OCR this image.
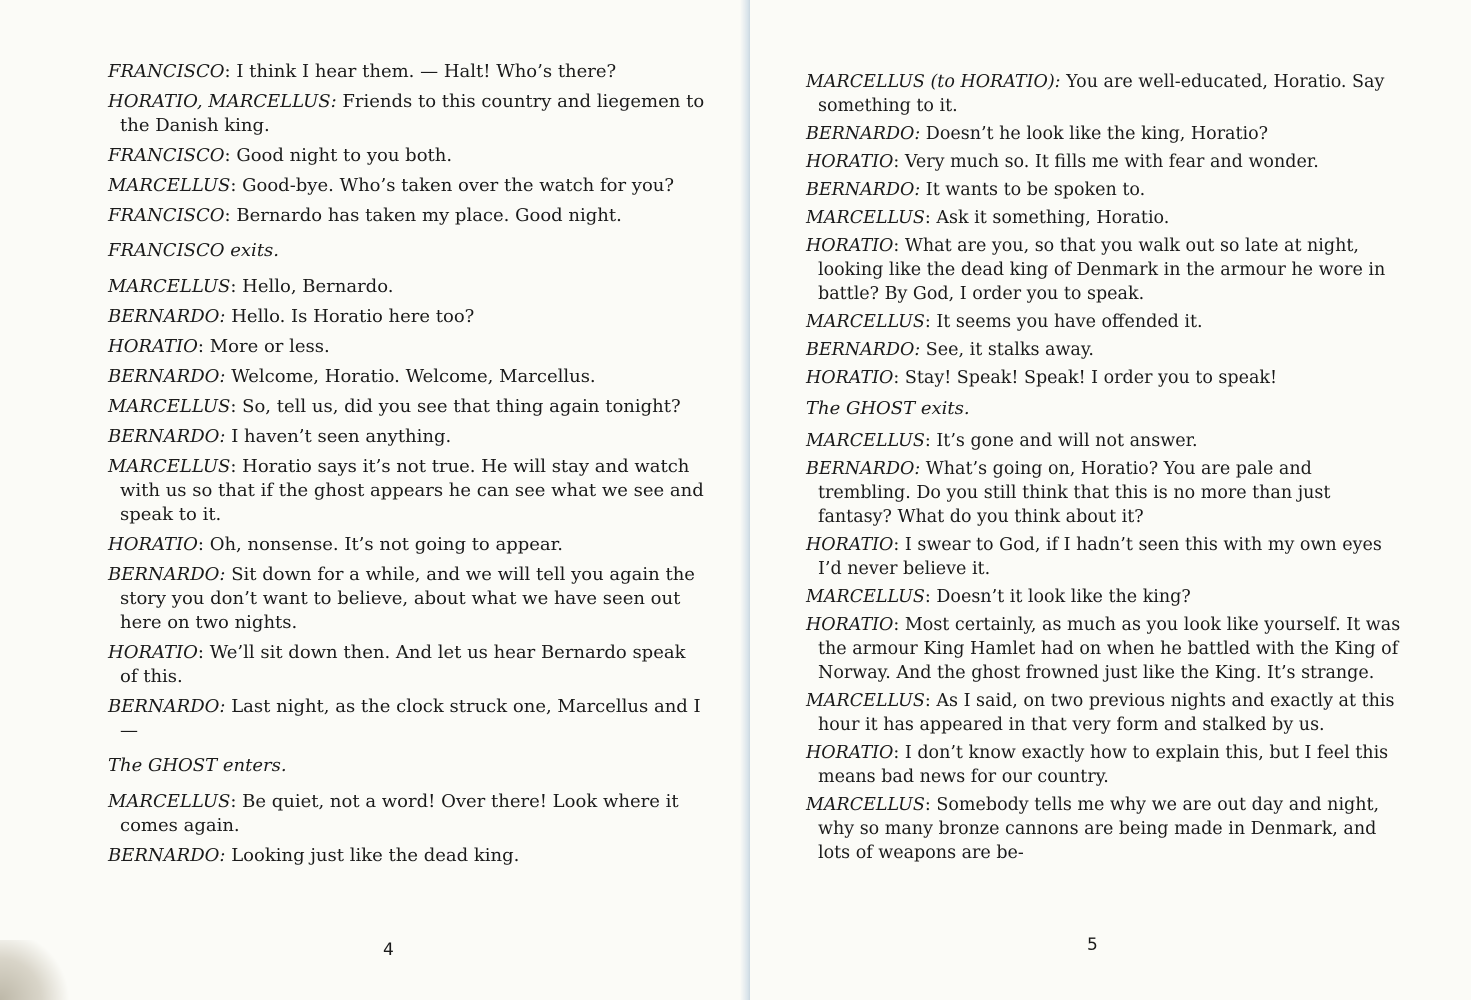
FRANCISCO: I think I hear them. — Halt! Who’s there?

HORATIO, MARCELLUS: Friends to this country and liegemen to the Danish king.

FRANCISCO: Good night to you both.

MARCELLUS: Good-bye. Who’s taken over the watch for you?

FRANCISCO: Bernardo has taken my place. Good night.

FRANCISCO exits.

MARCELLUS: Hello, Bernardo.

BERNARDO: Hello. Is Horatio here too?

HORATIO: More or less.

BERNARDO: Welcome, Horatio. Welcome, Marcellus.

MARCELLUS: So, tell us, did you see that thing again tonight?

BERNARDO: I haven’t seen anything.

MARCELLUS: Horatio says it’s not true. He will stay and watch with us so that if the ghost appears he can see what we see and speak to it.

HORATIO: Oh, nonsense. It’s not going to appear.

BERNARDO: Sit down for a while, and we will tell you again the story you don’t want to believe, about what we have seen out here on two nights.

HORATIO: We’ll sit down then. And let us hear Bernardo speak of this.

BERNARDO: Last night, as the clock struck one, Marcellus and I —

The GHOST enters.

MARCELLUS: Be quiet, not a word! Over there! Look where it comes again.

BERNARDO: Looking just like the dead king.

4

MARCELLUS (to HORATIO): You are well-educated, Horatio. Say something to it.

BERNARDO: Doesn’t he look like the king, Horatio?

HORATIO: Very much so. It fills me with fear and wonder.

BERNARDO: It wants to be spoken to.

MARCELLUS: Ask it something, Horatio.

HORATIO: What are you, so that you walk out so late at night, looking like the dead king of Denmark in the armour he wore in battle? By God, I order you to speak.

MARCELLUS: It seems you have offended it.

BERNARDO: See, it stalks away.

HORATIO: Stay! Speak! Speak! I order you to speak!

The GHOST exits.

MARCELLUS: It’s gone and will not answer.

BERNARDO: What’s going on, Horatio? You are pale and trembling. Do you still think that this is no more than just fantasy? What do you think about it?

HORATIO: I swear to God, if I hadn’t seen this with my own eyes I’d never believe it.

MARCELLUS: Doesn’t it look like the king?

HORATIO: Most certainly, as much as you look like yourself. It was the armour King Hamlet had on when he battled with the King of Norway. And the ghost frowned just like the King. It’s strange.

MARCELLUS: As I said, on two previous nights and exactly at this hour it has appeared in that very form and stalked by us.

HORATIO: I don’t know exactly how to explain this, but I feel this means bad news for our country.

MARCELLUS: Somebody tells me why we are out day and night, why so many bronze cannons are being made in Denmark, and lots of weapons are be-

5
